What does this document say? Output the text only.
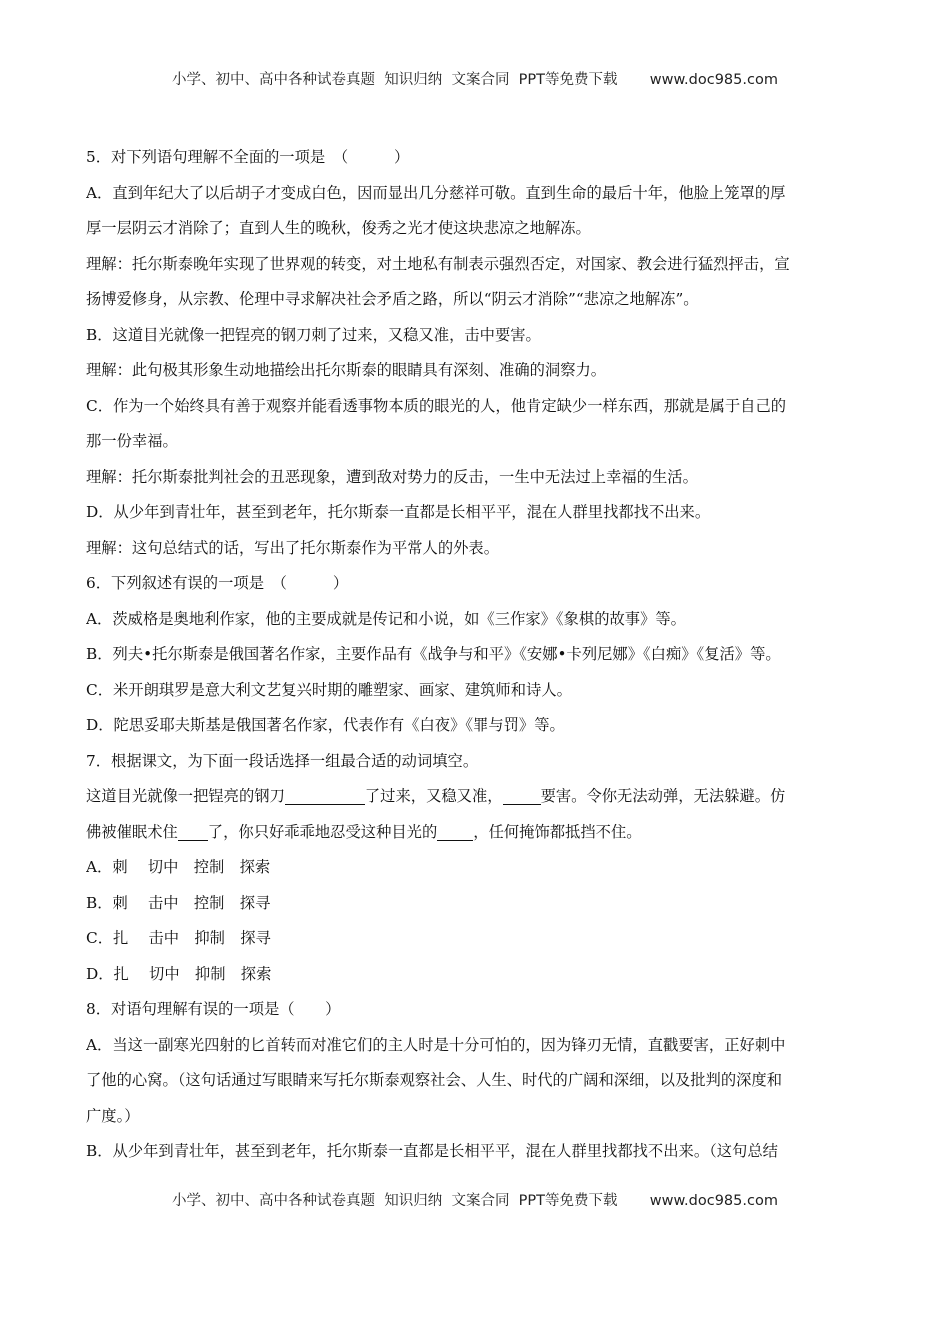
小学、初中、高中各种试卷真题  知识归纳  文案合同  PPT等免费下载       www.doc985.com
5．对下列语句理解不全面的一项是　（　　　）
A．直到年纪大了以后胡子才变成白色，因而显出几分慈祥可敬。直到生命的最后十年，他脸上笼罩的厚
厚一层阴云才消除了；直到人生的晚秋，俊秀之光才使这块悲凉之地解冻。
理解：托尔斯泰晚年实现了世界观的转变，对土地私有制表示强烈否定，对国家、教会进行猛烈抨击，宣
扬博爱修身，从宗教、伦理中寻求解决社会矛盾之路，所以“阴云才消除”“悲凉之地解冻”。
B．这道目光就像一把锃亮的钢刀刺了过来，又稳又准，击中要害。
理解：此句极其形象生动地描绘出托尔斯泰的眼睛具有深刻、准确的洞察力。
C．作为一个始终具有善于观察并能看透事物本质的眼光的人，他肯定缺少一样东西，那就是属于自己的
那一份幸福。
理解：托尔斯泰批判社会的丑恶现象，遭到敌对势力的反击，一生中无法过上幸福的生活。
D．从少年到青壮年，甚至到老年，托尔斯泰一直都是长相平平，混在人群里找都找不出来。
理解：这句总结式的话，写出了托尔斯泰作为平常人的外表。
6．下列叙述有误的一项是　（　　　）
A．茨威格是奥地利作家，他的主要成就是传记和小说，如《三作家》《象棋的故事》等。
B．列夫•托尔斯泰是俄国著名作家，主要作品有《战争与和平》《安娜•卡列尼娜》《白痴》《复活》等。
C．米开朗琪罗是意大利文艺复兴时期的雕塑家、画家、建筑师和诗人。
D．陀思妥耶夫斯基是俄国著名作家，代表作有《白夜》《罪与罚》等。
7．根据课文，为下面一段话选择一组最合适的动词填空。
这道目光就像一把锃亮的钢刀	了过来，又稳又准， 要害。令你无法动弹，无法躲避。仿
佛被催眠术住 了，你只好乖乖地忍受这种目光的 ，任何掩饰都抵挡不住。
A．刺　 切中　控制　探索
B．刺　 击中　控制　探寻
C．扎　 击中　抑制　探寻
D．扎　 切中　抑制　探索
8．对语句理解有误的一项是（　　）
A．当这一副寒光四射的匕首转而对准它们的主人时是十分可怕的，因为锋刃无情，直戳要害，正好刺中
了他的心窝。（这句话通过写眼睛来写托尔斯泰观察社会、人生、时代的广阔和深细，以及批判的深度和
广度。）
B．从少年到青壮年，甚至到老年，托尔斯泰一直都是长相平平，混在人群里找都找不出来。（这句总结
小学、初中、高中各种试卷真题  知识归纳  文案合同  PPT等免费下载       www.doc985.com
